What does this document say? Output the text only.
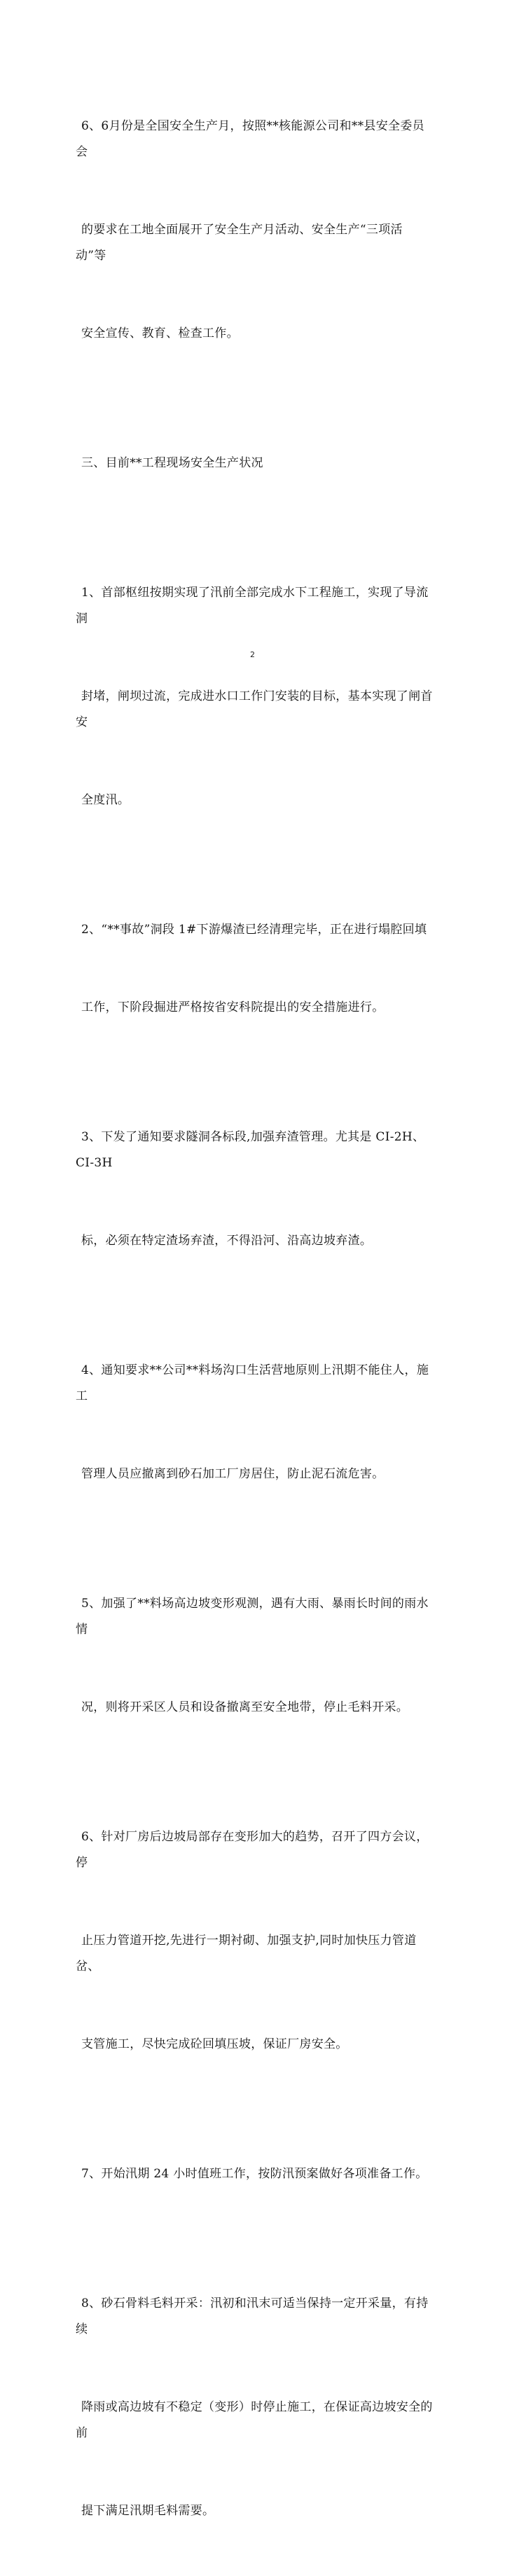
6、6月份是全国安全生产月，按照**核能源公司和**县安全委员会

的要求在工地全面展开了安全生产月活动、安全生产“三项活动”等

安全宣传、教育、检查工作。

三、目前**工程现场安全生产状况

1、首部枢纽按期实现了汛前全部完成水下工程施工，实现了导流洞

封堵，闸坝过流，完成进水口工作门安装的目标，基本实现了闸首安

全度汛。

2、“**事故”洞段 1#下游爆渣已经清理完毕，正在进行塌腔回填

工作，下阶段掘进严格按省安科院提出的安全措施进行。

3、下发了通知要求隧洞各标段,加强弃渣管理。尤其是 CI-2H、CI-3H

标，必须在特定渣场弃渣，不得沿河、沿高边坡弃渣。

4、通知要求**公司**料场沟口生活营地原则上汛期不能住人，施工

管理人员应撤离到砂石加工厂房居住，防止泥石流危害。

5、加强了**料场高边坡变形观测，遇有大雨、暴雨长时间的雨水情

况，则将开采区人员和设备撤离至安全地带，停止毛料开采。

6、针对厂房后边坡局部存在变形加大的趋势，召开了四方会议，停

止压力管道开挖,先进行一期衬砌、加强支护,同时加快压力管道岔、

支管施工，尽快完成砼回填压坡，保证厂房安全。

7、开始汛期 24 小时值班工作，按防汛预案做好各项准备工作。

8、砂石骨料毛料开采：汛初和汛末可适当保持一定开采量，有持续

降雨或高边坡有不稳定（变形）时停止施工，在保证高边坡安全的前

提下满足汛期毛料需要。

2
